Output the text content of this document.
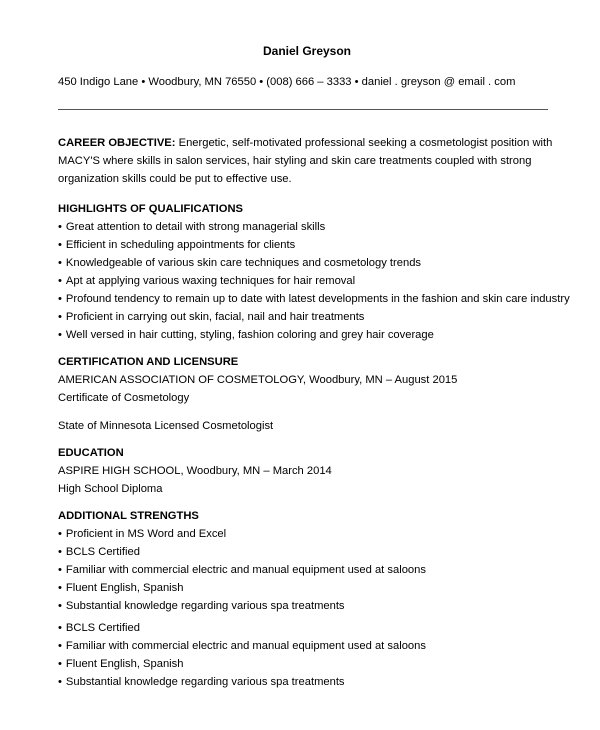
Daniel Greyson
450 Indigo Lane • Woodbury, MN 76550 • (008) 666 – 3333 • daniel . greyson @ email . com

CAREER OBJECTIVE: Energetic, self-motivated professional seeking a cosmetologist position with MACY'S where skills in salon services, hair styling and skin care treatments coupled with strong organization skills could be put to effective use.

HIGHLIGHTS OF QUALIFICATIONS

• Great attention to detail with strong managerial skills
• Efficient in scheduling appointments for clients
• Knowledgeable of various skin care techniques and cosmetology trends
• Apt at applying various waxing techniques for hair removal
• Profound tendency to remain up to date with latest developments in the fashion and skin care industry
• Proficient in carrying out skin, facial, nail and hair treatments
• Well versed in hair cutting, styling, fashion coloring and grey hair coverage

CERTIFICATION AND LICENSURE

AMERICAN ASSOCIATION OF COSMETOLOGY, Woodbury, MN – August 2015

Certificate of Cosmetology

State of Minnesota Licensed Cosmetologist

EDUCATION

ASPIRE HIGH SCHOOL, Woodbury, MN – March 2014

High School Diploma

ADDITIONAL STRENGTHS

• Proficient in MS Word and Excel
• BCLS Certified
• Familiar with commercial electric and manual equipment used at saloons
• Fluent English, Spanish
• Substantial knowledge regarding various spa treatments
• BCLS Certified
• Familiar with commercial electric and manual equipment used at saloons
• Fluent English, Spanish
• Substantial knowledge regarding various spa treatments
